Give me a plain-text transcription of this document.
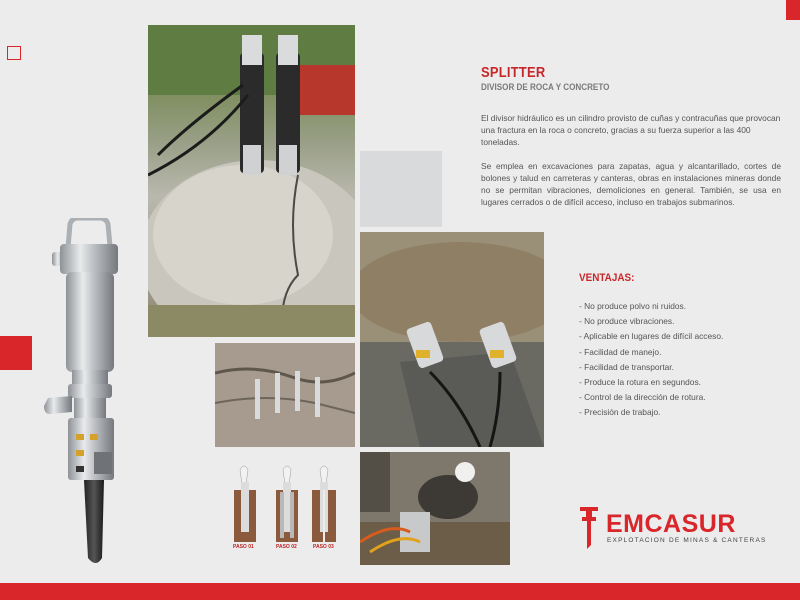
PASO 01	PASO 02	PASO 03
SPLITTER
DIVISOR DE ROCA Y CONCRETO
El divisor hidráulico es un cilindro provisto de cuñas y contracuñas que provocan una fractura en la roca o concreto, gracias a su fuerza superior a las 400 toneladas.
Se emplea en excavaciones para zapatas, agua y alcantarillado, cortes de bolones y talud en carreteras y canteras, obras en instalaciones mineras donde no se permitan vibraciones, demoliciones en general. También, se usa en lugares cerrados o de difícil acceso, incluso en trabajos submarinos.
VENTAJAS:
- No produce polvo ni ruidos.
- No produce vibraciones.
- Aplicable en lugares de difícil acceso.
- Facilidad de manejo.
- Facilidad de transportar.
- Produce la rotura en segundos.
- Control de la dirección de rotura.
- Precisión de trabajo.
EMCASUR
EXPLOTACION DE MINAS & CANTERAS
